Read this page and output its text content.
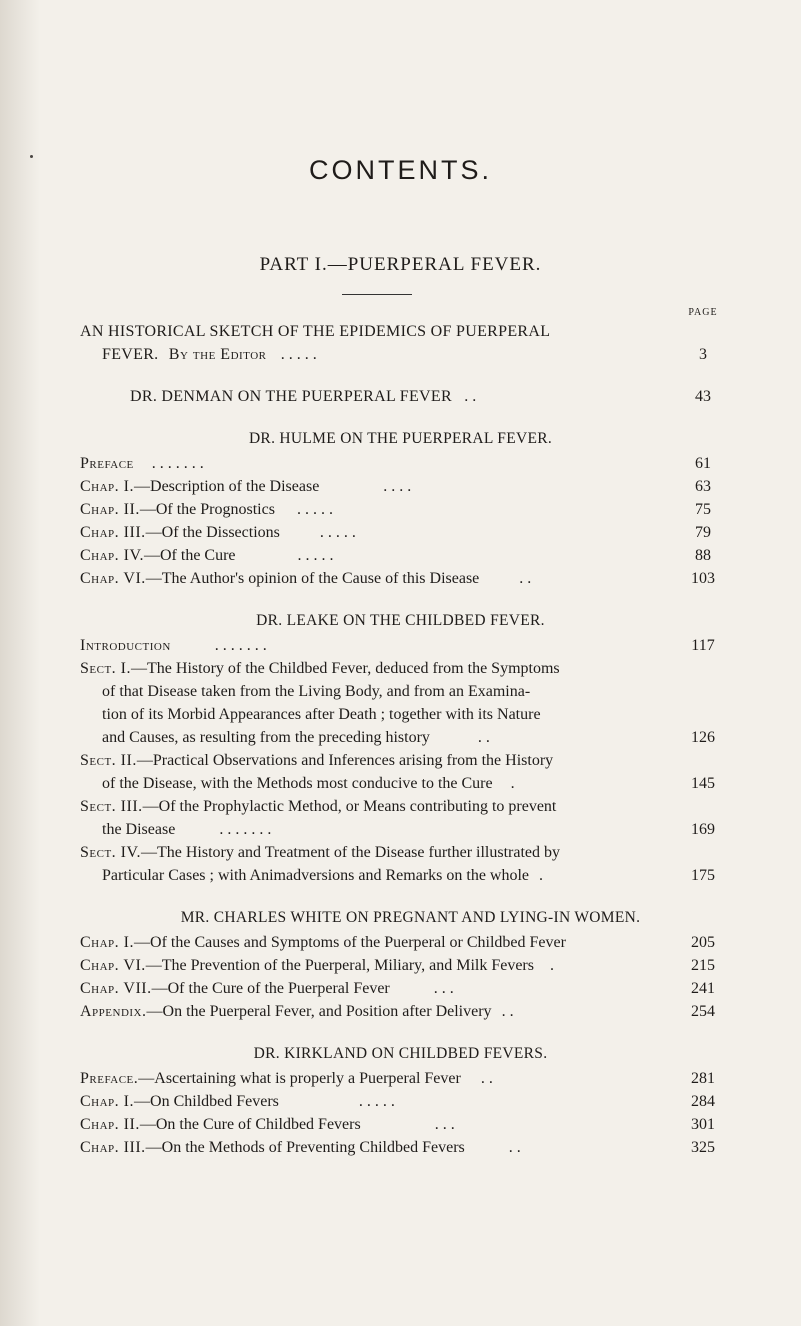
CONTENTS.
PART I.—PUERPERAL FEVER.
PAGE
AN HISTORICAL SKETCH OF THE EPIDEMICS OF PUERPERAL
FEVER. By the Editor . . . . .	3
DR. DENMAN ON THE PUERPERAL FEVER . .	43
DR. HULME ON THE PUERPERAL FEVER.
Preface . . . . . . .	61
Chap. I.—Description of the Disease	. . . .	63
Chap. II.—Of the Prognostics . . . . .	75
Chap. III.—Of the Dissections	. . . . .	79
Chap. IV.—Of the Cure	. . . . .	88
Chap. VI.—The Author's opinion of the Cause of this Disease	. .	103
DR. LEAKE ON THE CHILDBED FEVER.
Introduction	. . . . . . .	117
Sect. I.—The History of the Childbed Fever, deduced from the Symptoms
of that Disease taken from the Living Body, and from an Examina-
tion of its Morbid Appearances after Death ; together with its Nature
and Causes, as resulting from the preceding history	. .	126
Sect. II.—Practical Observations and Inferences arising from the History
of the Disease, with the Methods most conducive to the Cure .	145
Sect. III.—Of the Prophylactic Method, or Means contributing to prevent
the Disease	. . . . . . .	169
Sect. IV.—The History and Treatment of the Disease further illustrated by
Particular Cases ; with Animadversions and Remarks on the whole .	175
MR. CHARLES WHITE ON PREGNANT AND LYING-IN WOMEN.
Chap. I.—Of the Causes and Symptoms of the Puerperal or Childbed Fever	205
Chap. VI.—The Prevention of the Puerperal, Miliary, and Milk Fevers .	215
Chap. VII.—Of the Cure of the Puerperal Fever	. . .	241
Appendix.—On the Puerperal Fever, and Position after Delivery . .	254
DR. KIRKLAND ON CHILDBED FEVERS.
Preface.—Ascertaining what is properly a Puerperal Fever . .	281
Chap. I.—On Childbed Fevers	. . . . .	284
Chap. II.—On the Cure of Childbed Fevers	. . .	301
Chap. III.—On the Methods of Preventing Childbed Fevers	. .	325
